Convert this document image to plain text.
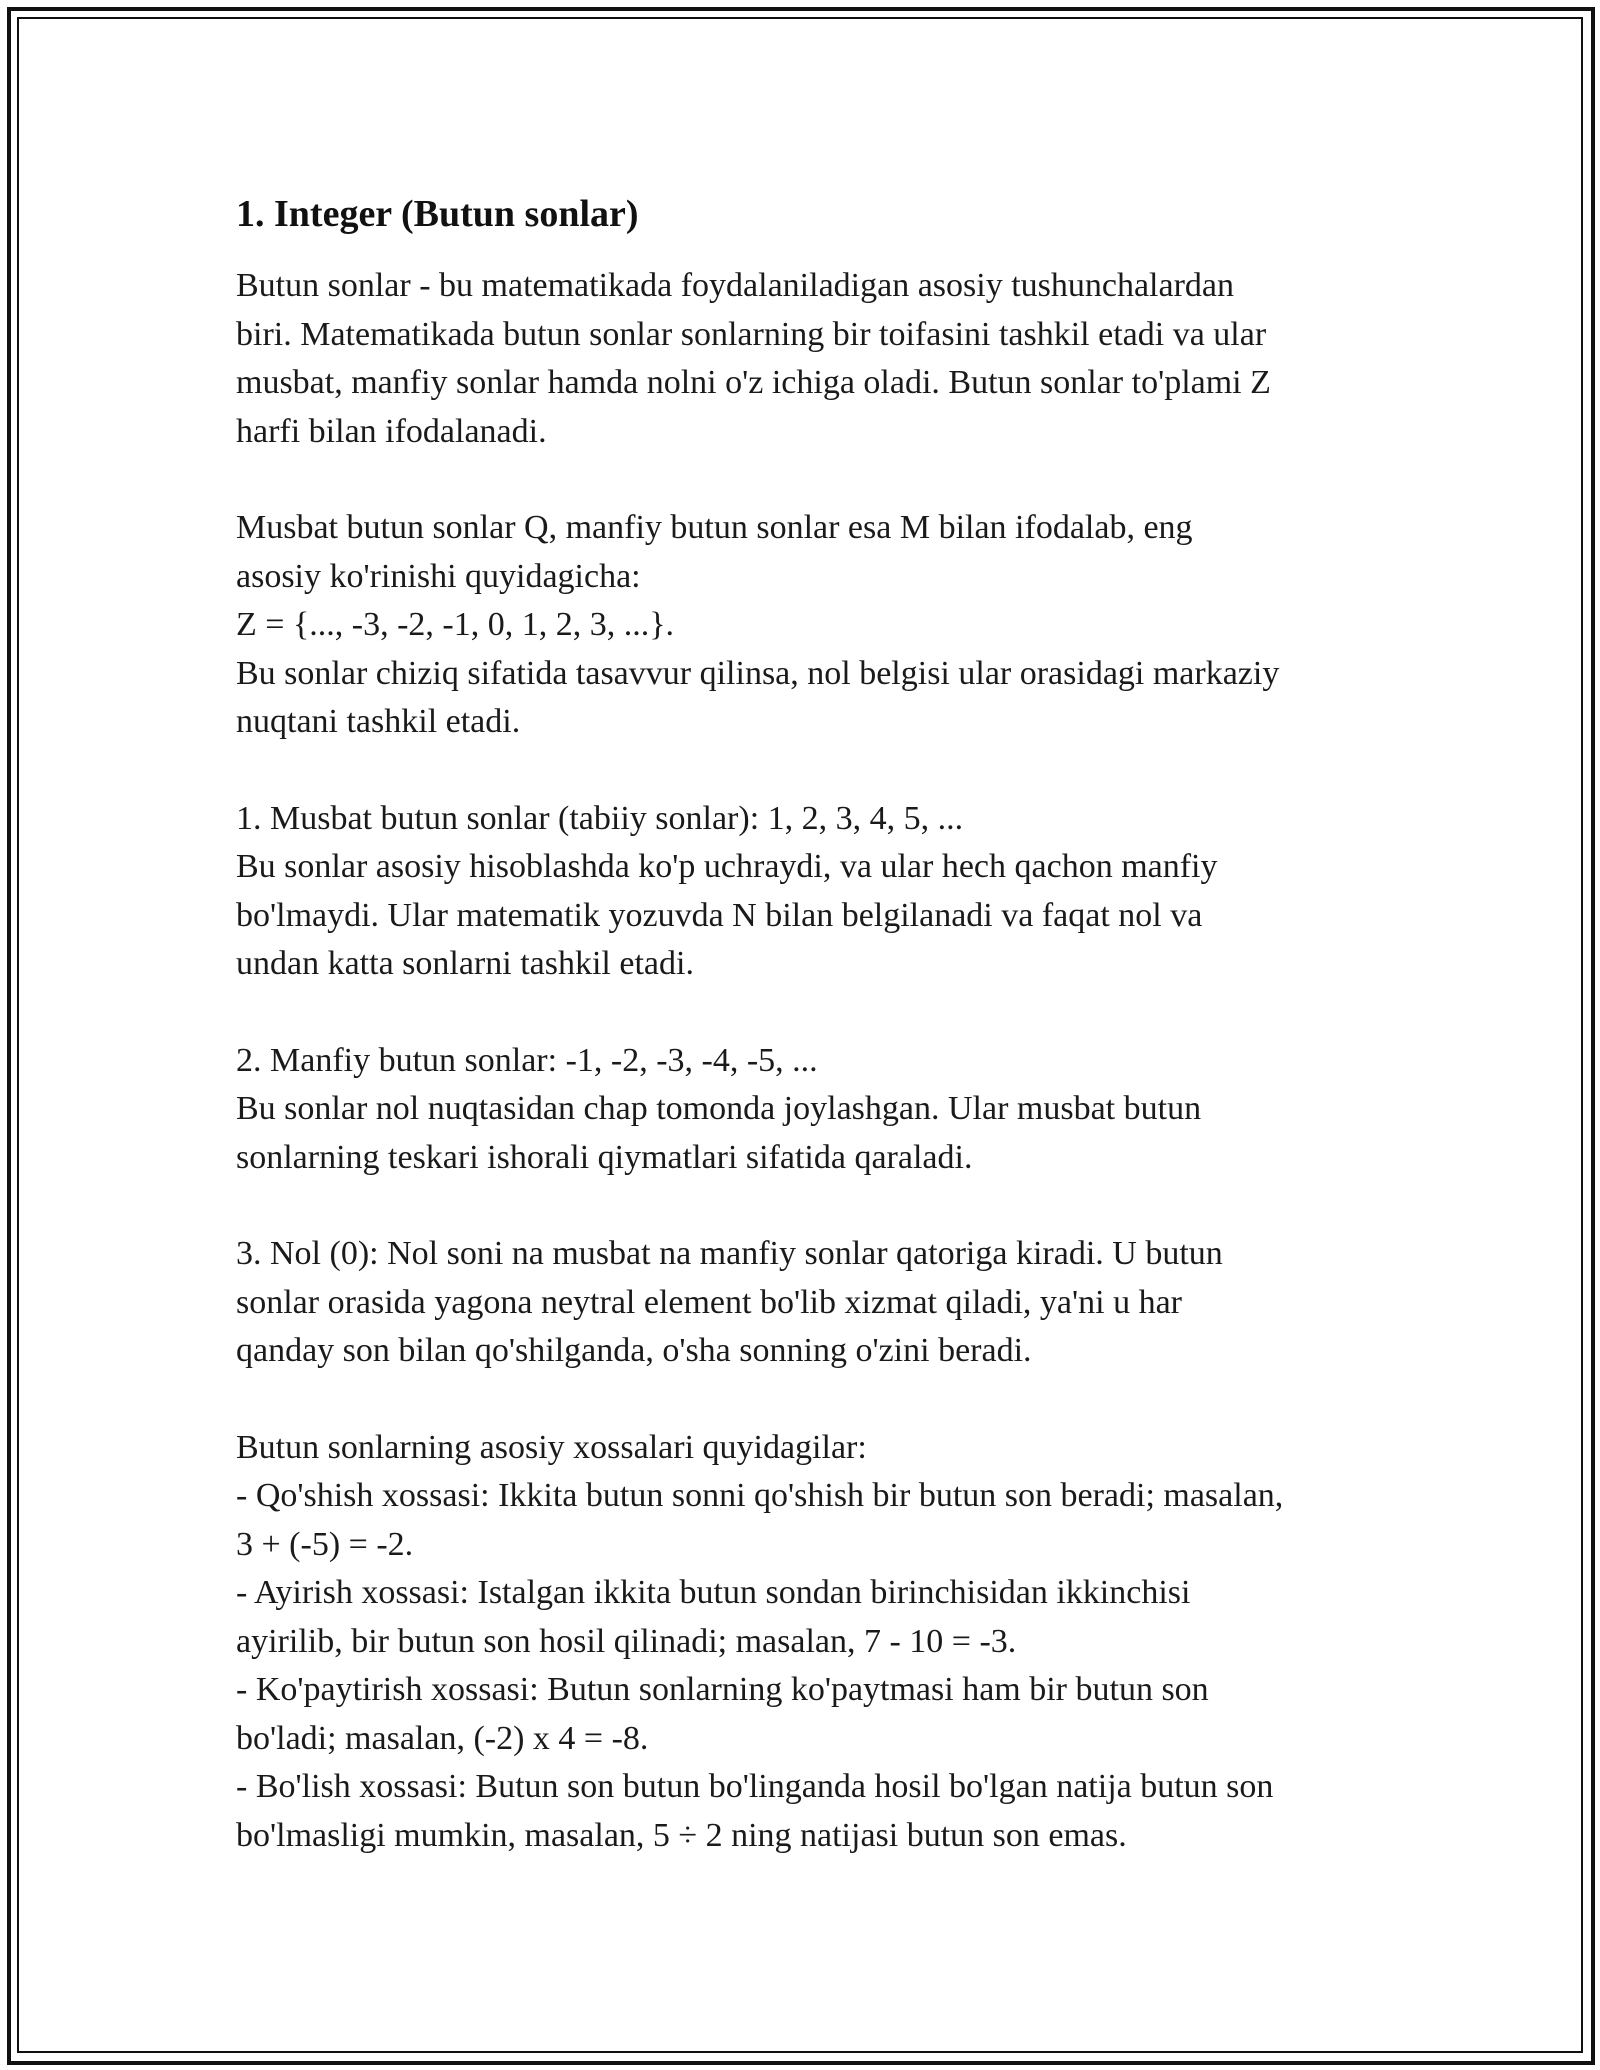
1. Integer (Butun sonlar)
Butun sonlar - bu matematikada foydalaniladigan asosiy tushunchalardan
biri. Matematikada butun sonlar sonlarning bir toifasini tashkil etadi va ular
musbat, manfiy sonlar hamda nolni o'z ichiga oladi. Butun sonlar to'plami Z
harfi bilan ifodalanadi.
Musbat butun sonlar Q, manfiy butun sonlar esa M bilan ifodalab, eng
asosiy ko'rinishi quyidagicha:
Z = {..., -3, -2, -1, 0, 1, 2, 3, ...}.
Bu sonlar chiziq sifatida tasavvur qilinsa, nol belgisi ular orasidagi markaziy
nuqtani tashkil etadi.
1. Musbat butun sonlar (tabiiy sonlar): 1, 2, 3, 4, 5, ...
Bu sonlar asosiy hisoblashda ko'p uchraydi, va ular hech qachon manfiy
bo'lmaydi. Ular matematik yozuvda N bilan belgilanadi va faqat nol va
undan katta sonlarni tashkil etadi.
2. Manfiy butun sonlar: -1, -2, -3, -4, -5, ...
Bu sonlar nol nuqtasidan chap tomonda joylashgan. Ular musbat butun
sonlarning teskari ishorali qiymatlari sifatida qaraladi.
3. Nol (0): Nol soni na musbat na manfiy sonlar qatoriga kiradi. U butun
sonlar orasida yagona neytral element bo'lib xizmat qiladi, ya'ni u har
qanday son bilan qo'shilganda, o'sha sonning o'zini beradi.
Butun sonlarning asosiy xossalari quyidagilar:
- Qo'shish xossasi: Ikkita butun sonni qo'shish bir butun son beradi; masalan,
3 + (-5) = -2.
- Ayirish xossasi: Istalgan ikkita butun sondan birinchisidan ikkinchisi
ayirilib, bir butun son hosil qilinadi; masalan, 7 - 10 = -3.
- Ko'paytirish xossasi: Butun sonlarning ko'paytmasi ham bir butun son
bo'ladi; masalan, (-2) x 4 = -8.
- Bo'lish xossasi: Butun son butun bo'linganda hosil bo'lgan natija butun son
bo'lmasligi mumkin, masalan, 5 ÷ 2 ning natijasi butun son emas.
